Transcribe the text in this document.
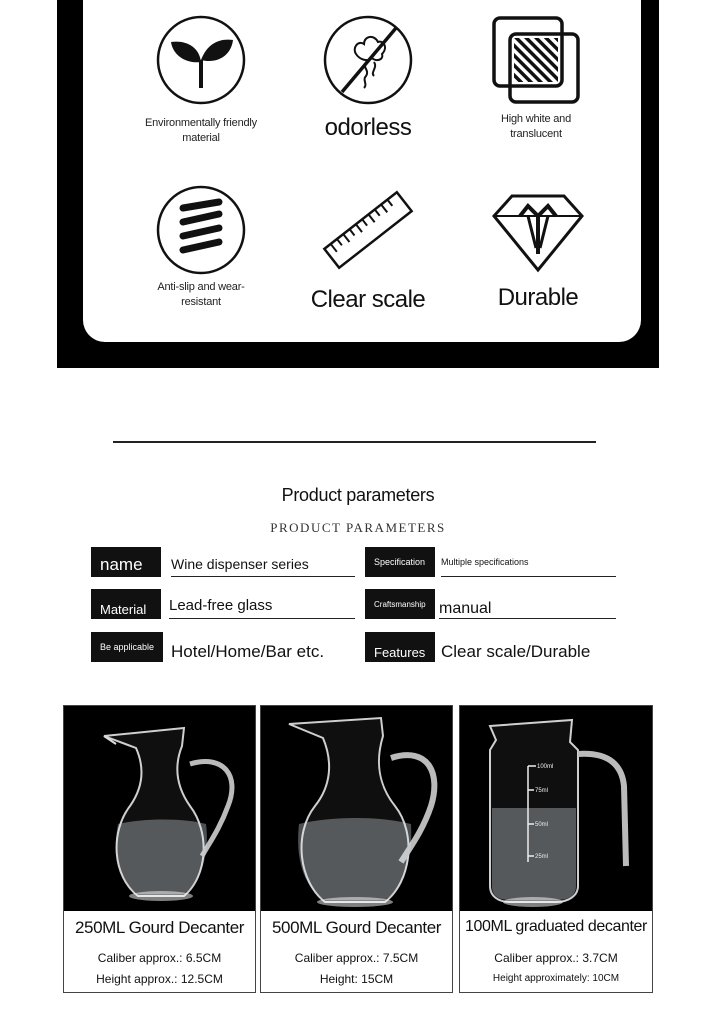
Environmentally friendly material	odorless	High white and translucent
Anti-slip and wear-resistant	Clear scale	Durable
Product parameters
PRODUCT PARAMETERS
name	Wine dispenser series	Specification	Multiple specifications
Material	Lead-free glass	Craftsmanship manual
Be applicable Hotel/Home/Bar etc.	Features Clear scale/Durable
250ML Gourd Decanter
Caliber approx.: 6.5CM
Height approx.: 12.5CM
500ML Gourd Decanter
Caliber approx.: 7.5CM
Height: 15CM
100ml
75ml
50ml
25ml
100ML graduated decanter
Caliber approx.: 3.7CM
Height approximately: 10CM
